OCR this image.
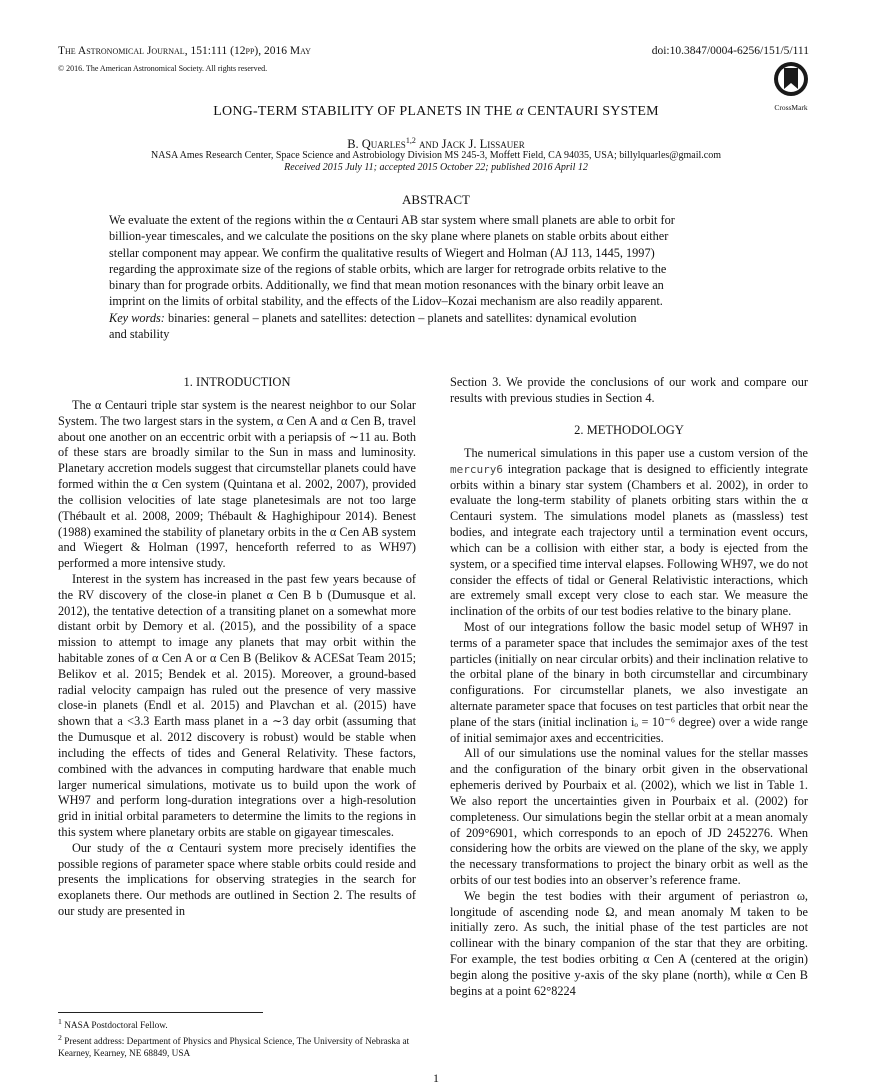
The Astronomical Journal, 151:111 (12pp), 2016 May	doi:10.3847/0004-6256/151/5/111
© 2016. The American Astronomical Society. All rights reserved.
CrossMark
LONG-TERM STABILITY OF PLANETS IN THE α CENTAURI SYSTEM
B. Quarles$^{1,2}$ and Jack J. Lissauer
NASA Ames Research Center, Space Science and Astrobiology Division MS 245-3, Moffett Field, CA 94035, USA; billylquarles@gmail.com
Received 2015 July 11; accepted 2015 October 22; published 2016 April 12
ABSTRACT
We evaluate the extent of the regions within the α Centauri AB star system where small planets are able to orbit for
billion-year timescales, and we calculate the positions on the sky plane where planets on stable orbits about either
stellar component may appear. We confirm the qualitative results of Wiegert and Holman (AJ 113, 1445, 1997)
regarding the approximate size of the regions of stable orbits, which are larger for retrograde orbits relative to the
binary than for prograde orbits. Additionally, we find that mean motion resonances with the binary orbit leave an
imprint on the limits of orbital stability, and the effects of the Lidov–Kozai mechanism are also readily apparent.
Key words: binaries: general – planets and satellites: detection – planets and satellites: dynamical evolution
and stability
1. INTRODUCTION

The α Centauri triple star system is the nearest neighbor to our Solar System. The two largest stars in the system, α Cen A and α Cen B, travel about one another on an eccentric orbit with a periapsis of ∼11 au. Both of these stars are broadly similar to the Sun in mass and luminosity. Planetary accretion models suggest that circumstellar planets could have formed within the α Cen system (Quintana et al. 2002, 2007), provided the collision velocities of late stage planetesimals are not too large (Thébault et al. 2008, 2009; Thébault & Haghighipour 2014). Benest (1988) examined the stability of planetary orbits in the α Cen AB system and Wiegert & Holman (1997, henceforth referred to as WH97) performed a more intensive study.

Interest in the system has increased in the past few years because of the RV discovery of the close-in planet α Cen B b (Dumusque et al. 2012), the tentative detection of a transiting planet on a somewhat more distant orbit by Demory et al. (2015), and the possibility of a space mission to attempt to image any planets that may orbit within the habitable zones of α Cen A or α Cen B (Belikov & ACESat Team 2015; Belikov et al. 2015; Bendek et al. 2015). Moreover, a ground-based radial velocity campaign has ruled out the presence of very massive close-in planets (Endl et al. 2015) and Plavchan et al. (2015) have shown that a <3.3 Earth mass planet in a ∼3 day orbit (assuming that the Dumusque et al. 2012 discovery is robust) would be stable when including the effects of tides and General Relativity. These factors, combined with the advances in computing hardware that enable much larger numerical simulations, motivate us to build upon the work of WH97 and perform long-duration integrations over a high-resolution grid in initial orbital parameters to determine the limits to the regions in this system where planetary orbits are stable on gigayear timescales.

Our study of the α Centauri system more precisely identifies the possible regions of parameter space where stable orbits could reside and presents the implications for observing strategies in the search for exoplanets there. Our methods are outlined in Section 2. The results of our study are presented in

$^1$ NASA Postdoctoral Fellow.
$^2$ Present address: Department of Physics and Physical Science, The University of Nebraska at Kearney, Kearney, NE 68849, USA

Section 3. We provide the conclusions of our work and compare our results with previous studies in Section 4.

2. METHODOLOGY

The numerical simulations in this paper use a custom version of the mercury6 integration package that is designed to efficiently integrate orbits within a binary star system (Chambers et al. 2002), in order to evaluate the long-term stability of planets orbiting stars within the α Centauri system. The simulations model planets as (massless) test bodies, and integrate each trajectory until a termination event occurs, which can be a collision with either star, a body is ejected from the system, or a specified time interval elapses. Following WH97, we do not consider the effects of tidal or General Relativistic interactions, which are extremely small except very close to each star. We measure the inclination of the orbits of our test bodies relative to the binary plane.

Most of our integrations follow the basic model setup of WH97 in terms of a parameter space that includes the semimajor axes of the test particles (initially on near circular orbits) and their inclination relative to the orbital plane of the binary in both circumstellar and circumbinary configurations. For circumstellar planets, we also investigate an alternate parameter space that focuses on test particles that orbit near the plane of the stars (initial inclination iₒ = 10⁻⁶ degree) over a wide range of initial semimajor axes and eccentricities.

All of our simulations use the nominal values for the stellar masses and the configuration of the binary orbit given in the observational ephemeris derived by Pourbaix et al. (2002), which we list in Table 1. We also report the uncertainties given in Pourbaix et al. (2002) for completeness. Our simulations begin the stellar orbit at a mean anomaly of 209°6901, which corresponds to an epoch of JD 2452276. When considering how the orbits are viewed on the plane of the sky, we apply the necessary transformations to project the binary orbit as well as the orbits of our test bodies into an observer’s reference frame.

We begin the test bodies with their argument of periastron ω, longitude of ascending node Ω, and mean anomaly M taken to be initially zero. As such, the initial phase of the test particles are not collinear with the binary companion of the star that they are orbiting. For example, the test bodies orbiting α Cen A (centered at the origin) begin along the positive y-axis of the sky plane (north), while α Cen B begins at a point 62°8224

1
